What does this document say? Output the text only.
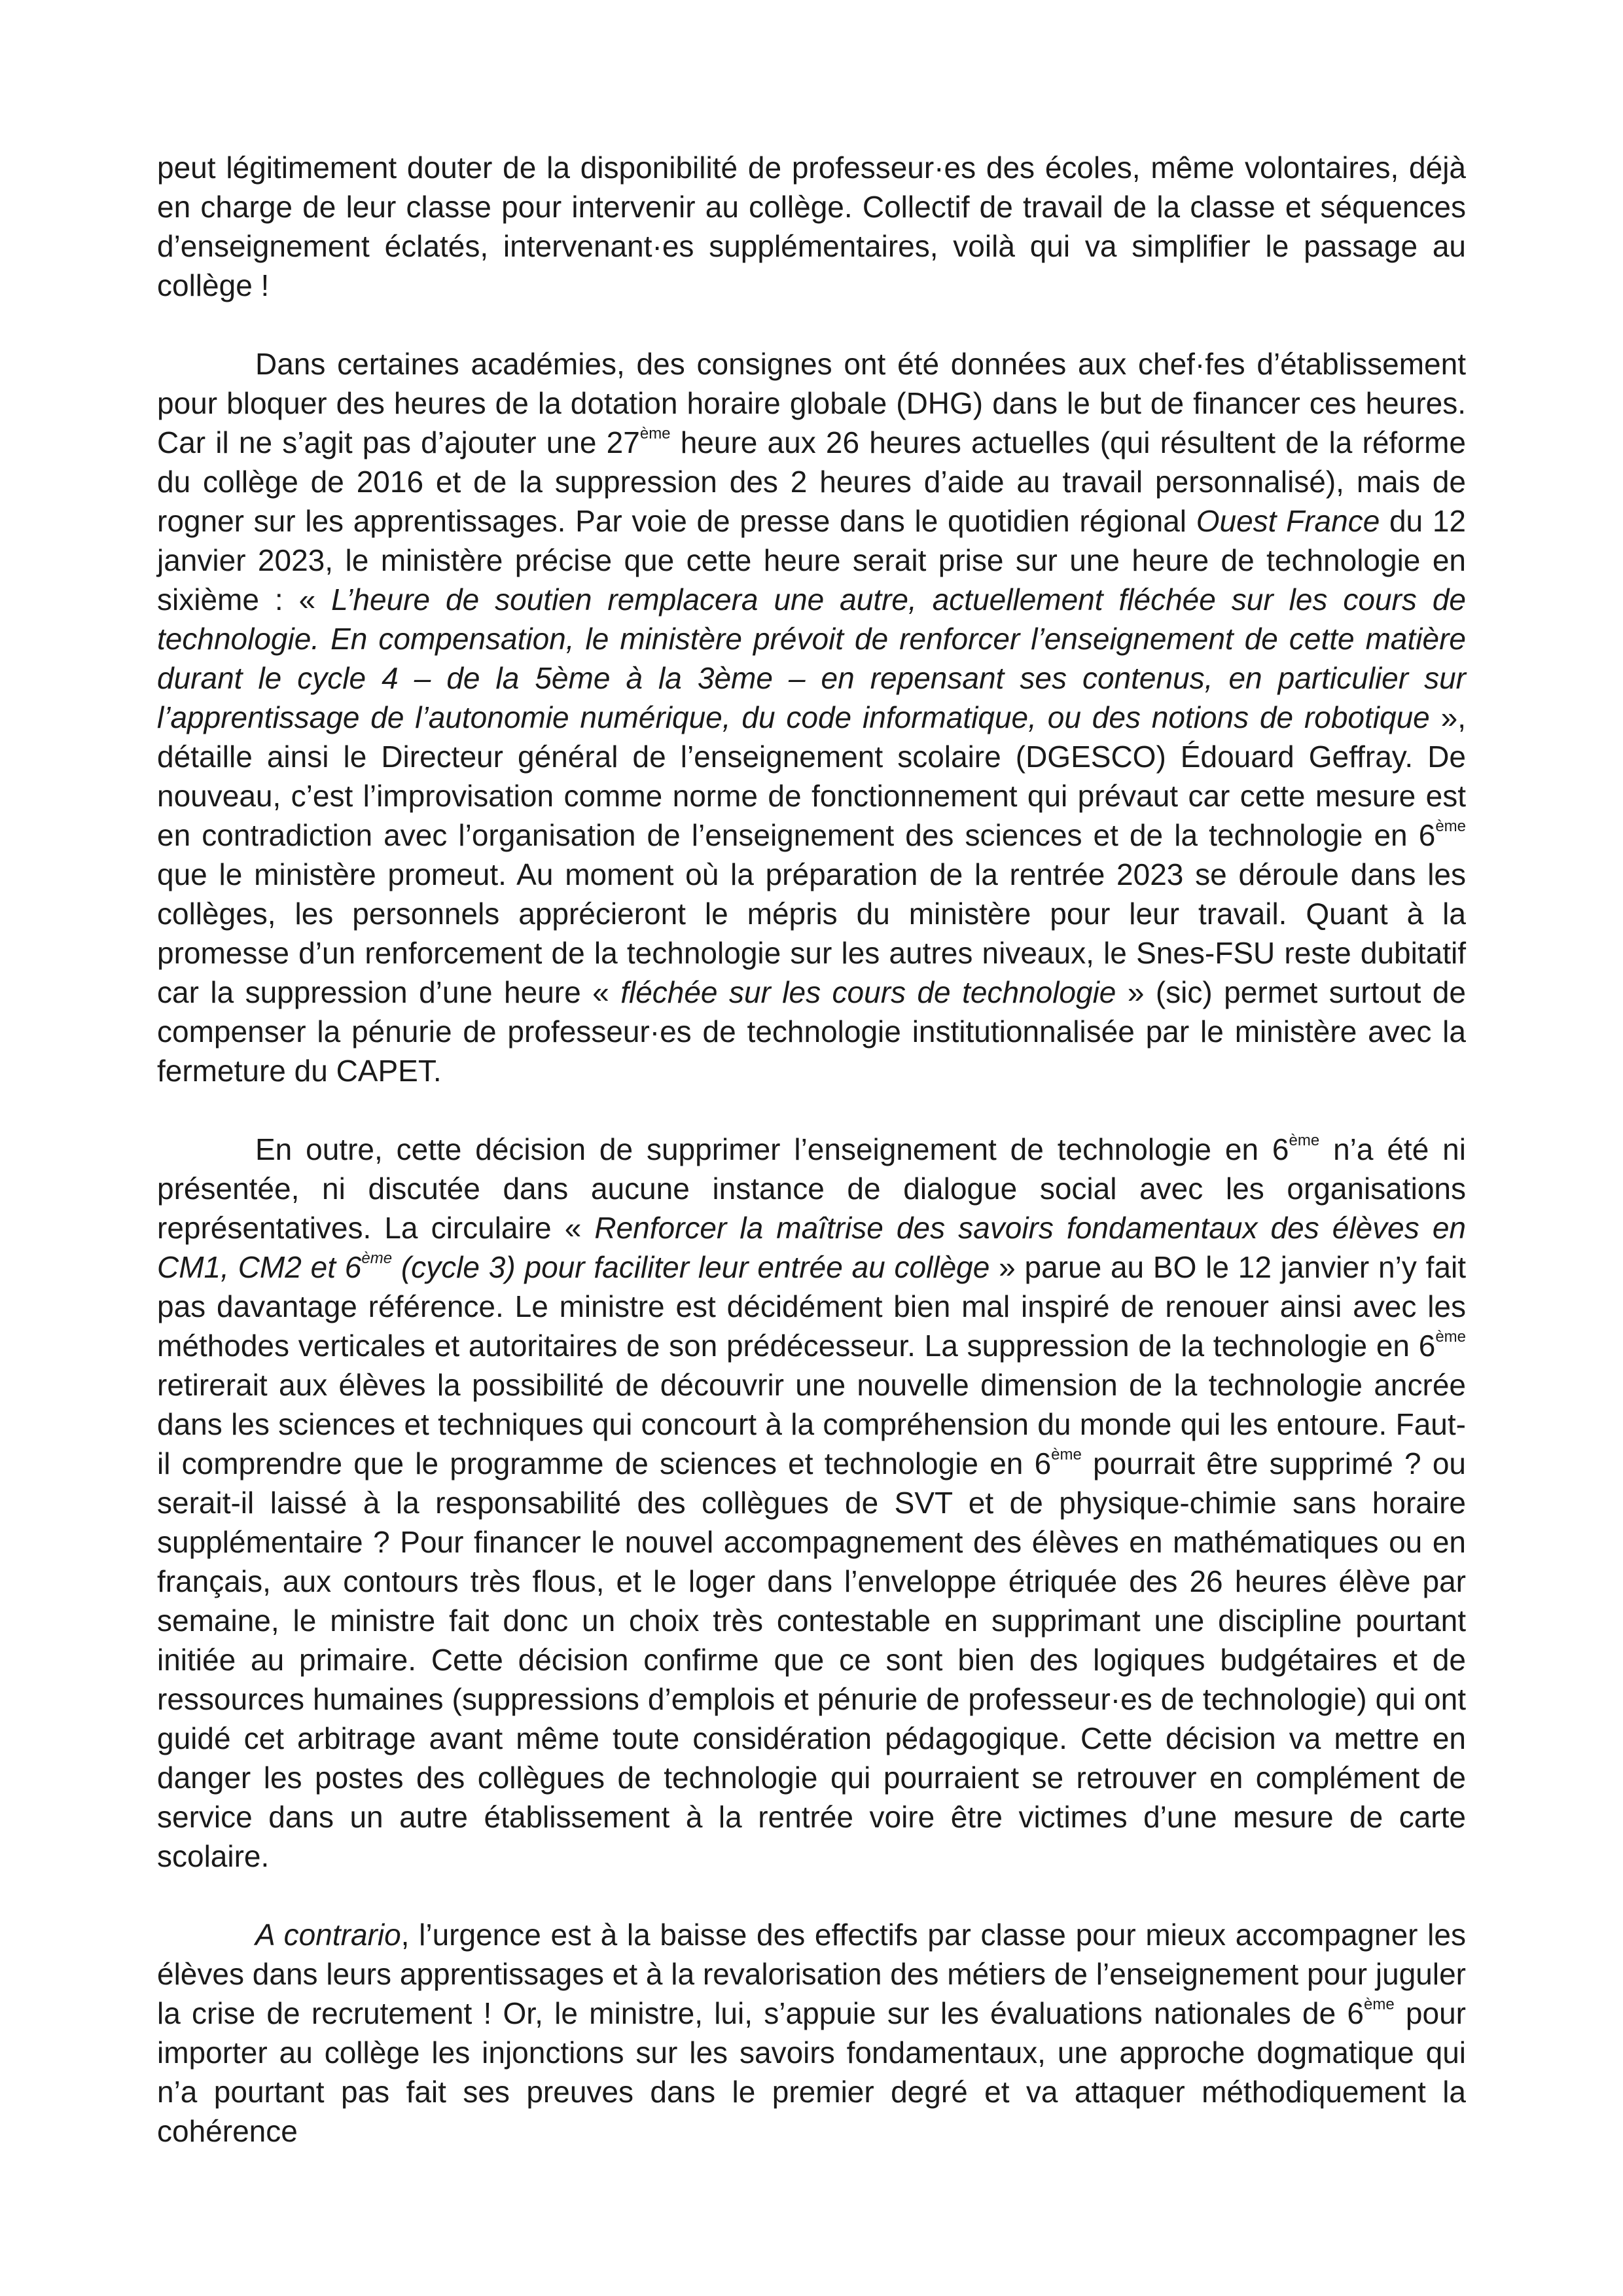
peut légitimement douter de la disponibilité de professeur·es des écoles, même volontaires, déjà en charge de leur classe pour intervenir au collège. Collectif de travail de la classe et séquences d’enseignement éclatés, intervenant·es supplémentaires, voilà qui va simplifier le passage au collège !

Dans certaines académies, des consignes ont été données aux chef·fes d’établissement pour bloquer des heures de la dotation horaire globale (DHG) dans le but de financer ces heures. Car il ne s’agit pas d’ajouter une 27ème heure aux 26 heures actuelles (qui résultent de la réforme du collège de 2016 et de la suppression des 2 heures d’aide au travail personnalisé), mais de rogner sur les apprentissages. Par voie de presse dans le quotidien régional Ouest France du 12 janvier 2023, le ministère précise que cette heure serait prise sur une heure de technologie en sixième : « L’heure de soutien remplacera une autre, actuellement fléchée sur les cours de technologie. En compensation, le ministère prévoit de renforcer l’enseignement de cette matière durant le cycle 4 – de la 5ème à la 3ème – en repensant ses contenus, en particulier sur l’apprentissage de l’autonomie numérique, du code informatique, ou des notions de robotique », détaille ainsi le Directeur général de l’enseignement scolaire (DGESCO) Édouard Geffray. De nouveau, c’est l’improvisation comme norme de fonctionnement qui prévaut car cette mesure est en contradiction avec l’organisation de l’enseignement des sciences et de la technologie en 6ème que le ministère promeut. Au moment où la préparation de la rentrée 2023 se déroule dans les collèges, les personnels apprécieront le mépris du ministère pour leur travail. Quant à la promesse d’un renforcement de la technologie sur les autres niveaux, le Snes-FSU reste dubitatif car la suppression d’une heure « fléchée sur les cours de technologie » (sic) permet surtout de compenser la pénurie de professeur·es de technologie institutionnalisée par le ministère avec la fermeture du CAPET.

En outre, cette décision de supprimer l’enseignement de technologie en 6ème n’a été ni présentée, ni discutée dans aucune instance de dialogue social avec les organisations représentatives. La circulaire « Renforcer la maîtrise des savoirs fondamentaux des élèves en CM1, CM2 et 6ème (cycle 3) pour faciliter leur entrée au collège » parue au BO le 12 janvier n’y fait pas davantage référence. Le ministre est décidément bien mal inspiré de renouer ainsi avec les méthodes verticales et autoritaires de son prédécesseur. La suppression de la technologie en 6ème retirerait aux élèves la possibilité de découvrir une nouvelle dimension de la technologie ancrée dans les sciences et techniques qui concourt à la compréhension du monde qui les entoure. Faut-il comprendre que le programme de sciences et technologie en 6ème pourrait être supprimé ? ou serait-il laissé à la responsabilité des collègues de SVT et de physique-chimie sans horaire supplémentaire ? Pour financer le nouvel accompagnement des élèves en mathématiques ou en français, aux contours très flous, et le loger dans l’enveloppe étriquée des 26 heures élève par semaine, le ministre fait donc un choix très contestable en supprimant une discipline pourtant initiée au primaire. Cette décision confirme que ce sont bien des logiques budgétaires et de ressources humaines (suppressions d’emplois et pénurie de professeur·es de technologie) qui ont guidé cet arbitrage avant même toute considération pédagogique. Cette décision va mettre en danger les postes des collègues de technologie qui pourraient se retrouver en complément de service dans un autre établissement à la rentrée voire être victimes d’une mesure de carte scolaire.

A contrario, l’urgence est à la baisse des effectifs par classe pour mieux accompagner les élèves dans leurs apprentissages et à la revalorisation des métiers de l’enseignement pour juguler la crise de recrutement ! Or, le ministre, lui, s’appuie sur les évaluations nationales de 6ème pour importer au collège les injonctions sur les savoirs fondamentaux, une approche dogmatique qui n’a pourtant pas fait ses preuves dans le premier degré et va attaquer méthodiquement la cohérence
